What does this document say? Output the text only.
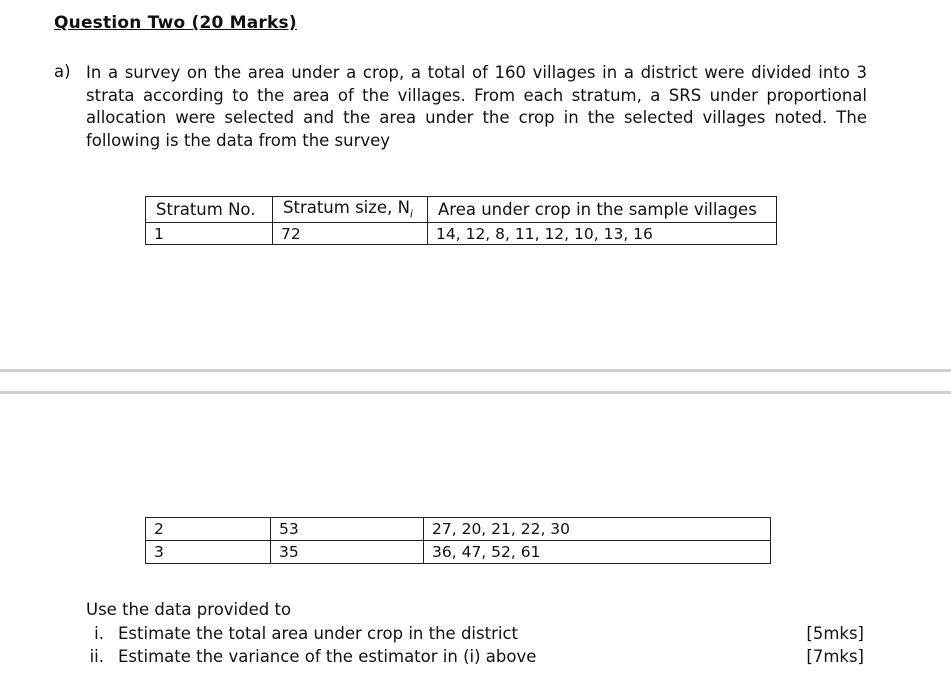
Question Two (20 Marks)
a) In a survey on the area under a crop, a total of 160 villages in a district were divided into 3 strata according to the area of the villages. From each stratum, a SRS under proportional allocation were selected and the area under the crop in the selected villages noted. The following is the data from the survey
Stratum No.	Stratum size, $N_i$	Area under crop in the sample villages
1	72	14, 12, 8, 11, 12, 10, 13, 16
2	53	27, 20, 21, 22, 30
3	35	36, 47, 52, 61
Use the data provided to
i. Estimate the total area under crop in the district	[5mks]
ii. Estimate the variance of the estimator in (i) above	[7mks]
